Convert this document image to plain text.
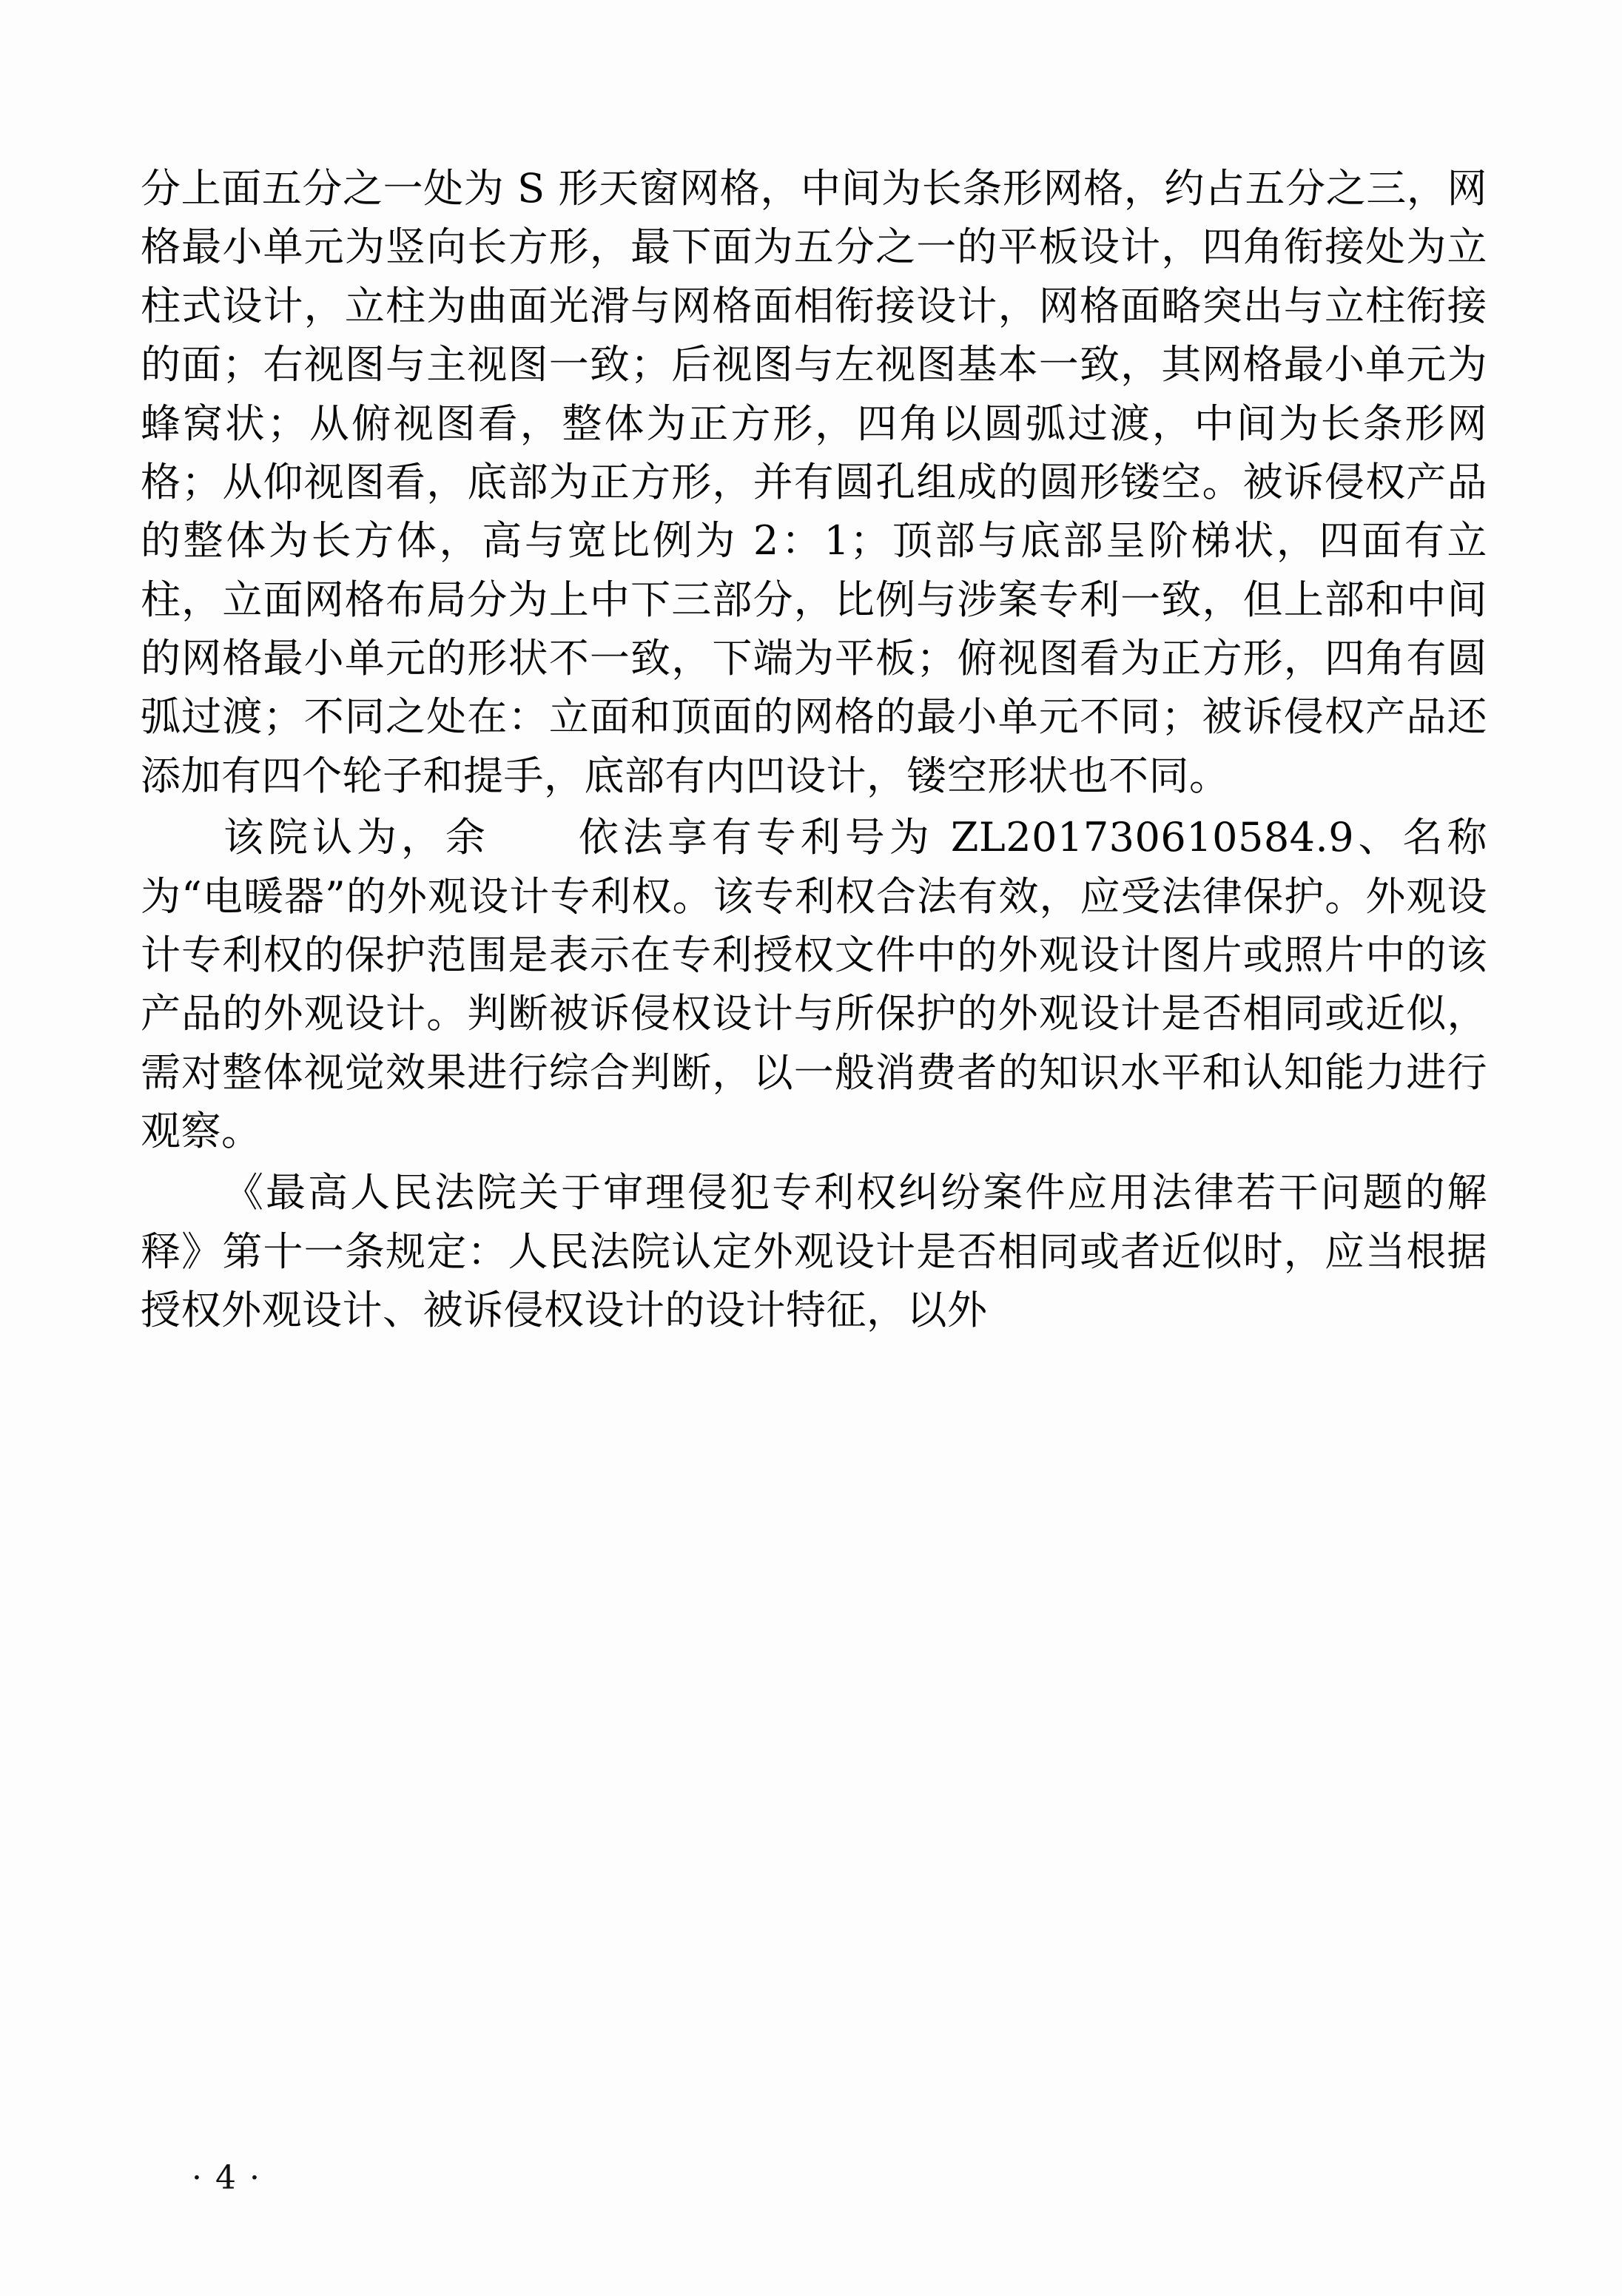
分上面五分之一处为 S 形天窗网格，中间为长条形网格，约占五分之三，网格最小单元为竖向长方形，最下面为五分之一的平板设计，四角衔接处为立柱式设计，立柱为曲面光滑与网格面相衔接设计，网格面略突出与立柱衔接的面；右视图与主视图一致；后视图与左视图基本一致，其网格最小单元为蜂窝状；从俯视图看，整体为正方形，四角以圆弧过渡，中间为长条形网格；从仰视图看，底部为正方形，并有圆孔组成的圆形镂空。被诉侵权产品的整体为长方体，高与宽比例为 2：1；顶部与底部呈阶梯状，四面有立柱，立面网格布局分为上中下三部分，比例与涉案专利一致，但上部和中间的网格最小单元的形状不一致，下端为平板；俯视图看为正方形，四角有圆弧过渡；不同之处在：立面和顶面的网格的最小单元不同；被诉侵权产品还添加有四个轮子和提手，底部有内凹设计，镂空形状也不同。

该院认为，余　　依法享有专利号为 ZL201730610584.9、名称为“电暖器”的外观设计专利权。该专利权合法有效，应受法律保护。外观设计专利权的保护范围是表示在专利授权文件中的外观设计图片或照片中的该产品的外观设计。判断被诉侵权设计与所保护的外观设计是否相同或近似，需对整体视觉效果进行综合判断，以一般消费者的知识水平和认知能力进行观察。

《最高人民法院关于审理侵犯专利权纠纷案件应用法律若干问题的解释》第十一条规定：人民法院认定外观设计是否相同或者近似时，应当根据授权外观设计、被诉侵权设计的设计特征，以外

· 4 ·
